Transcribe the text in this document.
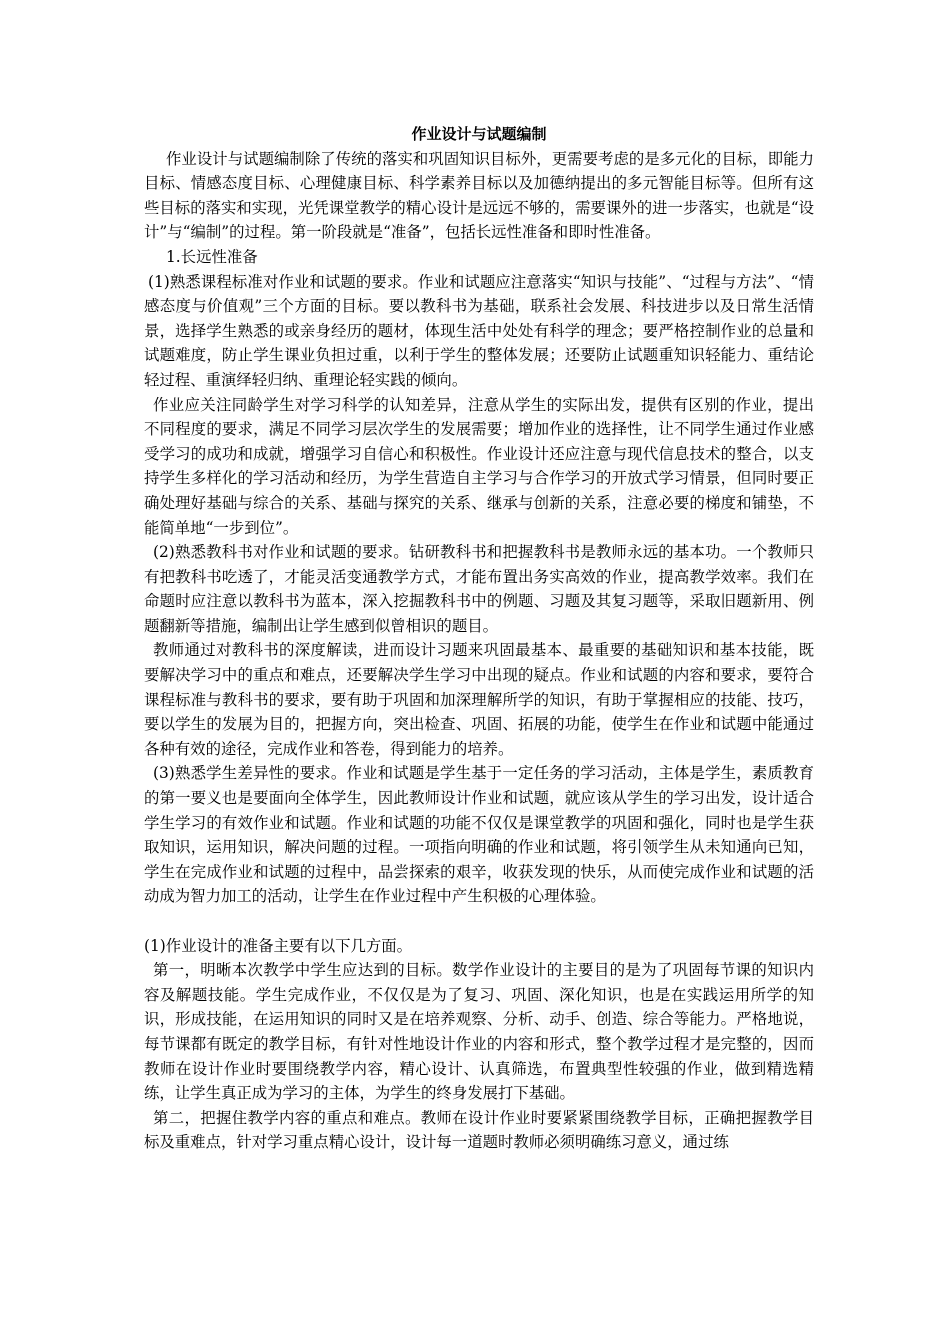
作业设计与试题编制

作业设计与试题编制除了传统的落实和巩固知识目标外，更需要考虑的是多元化的目标，即能力目标、情感态度目标、心理健康目标、科学素养目标以及加德纳提出的多元智能目标等。但所有这些目标的落实和实现，光凭课堂教学的精心设计是远远不够的，需要课外的进一步落实，也就是“设计”与“编制”的过程。第一阶段就是“准备”，包括长远性准备和即时性准备。

1.长远性准备

(1)熟悉课程标准对作业和试题的要求。作业和试题应注意落实“知识与技能”、“过程与方法”、“情感态度与价值观”三个方面的目标。要以教科书为基础，联系社会发展、科技进步以及日常生活情景，选择学生熟悉的或亲身经历的题材，体现生活中处处有科学的理念；要严格控制作业的总量和试题难度，防止学生课业负担过重，以利于学生的整体发展；还要防止试题重知识轻能力、重结论轻过程、重演绎轻归纳、重理论轻实践的倾向。

作业应关注同龄学生对学习科学的认知差异，注意从学生的实际出发，提供有区别的作业，提出不同程度的要求，满足不同学习层次学生的发展需要；增加作业的选择性，让不同学生通过作业感受学习的成功和成就，增强学习自信心和积极性。作业设计还应注意与现代信息技术的整合，以支持学生多样化的学习活动和经历，为学生营造自主学习与合作学习的开放式学习情景，但同时要正确处理好基础与综合的关系、基础与探究的关系、继承与创新的关系，注意必要的梯度和铺垫，不能简单地“一步到位”。

(2)熟悉教科书对作业和试题的要求。钻研教科书和把握教科书是教师永远的基本功。一个教师只有把教科书吃透了，才能灵活变通教学方式，才能布置出务实高效的作业，提高教学效率。我们在命题时应注意以教科书为蓝本，深入挖掘教科书中的例题、习题及其复习题等，采取旧题新用、例题翻新等措施，编制出让学生感到似曾相识的题目。

教师通过对教科书的深度解读，进而设计习题来巩固最基本、最重要的基础知识和基本技能，既要解决学习中的重点和难点，还要解决学生学习中出现的疑点。作业和试题的内容和要求，要符合课程标准与教科书的要求，要有助于巩固和加深理解所学的知识，有助于掌握相应的技能、技巧，要以学生的发展为目的，把握方向，突出检查、巩固、拓展的功能，使学生在作业和试题中能通过各种有效的途径，完成作业和答卷，得到能力的培养。

(3)熟悉学生差异性的要求。作业和试题是学生基于一定任务的学习活动，主体是学生，素质教育的第一要义也是要面向全体学生，因此教师设计作业和试题，就应该从学生的学习出发，设计适合学生学习的有效作业和试题。作业和试题的功能不仅仅是课堂教学的巩固和强化，同时也是学生获取知识，运用知识，解决问题的过程。一项指向明确的作业和试题，将引领学生从未知通向已知，学生在完成作业和试题的过程中，品尝探索的艰辛，收获发现的快乐，从而使完成作业和试题的活动成为智力加工的活动，让学生在作业过程中产生积极的心理体验。

(1)作业设计的准备主要有以下几方面。

第一，明晰本次教学中学生应达到的目标。数学作业设计的主要目的是为了巩固每节课的知识内容及解题技能。学生完成作业，不仅仅是为了复习、巩固、深化知识，也是在实践运用所学的知识，形成技能，在运用知识的同时又是在培养观察、分析、动手、创造、综合等能力。严格地说，每节课都有既定的教学目标，有针对性地设计作业的内容和形式，整个教学过程才是完整的，因而教师在设计作业时要围绕教学内容，精心设计、认真筛选，布置典型性较强的作业，做到精选精练，让学生真正成为学习的主体，为学生的终身发展打下基础。

第二，把握住教学内容的重点和难点。教师在设计作业时要紧紧围绕教学目标，正确把握教学目标及重难点，针对学习重点精心设计，设计每一道题时教师必须明确练习意义，通过练
